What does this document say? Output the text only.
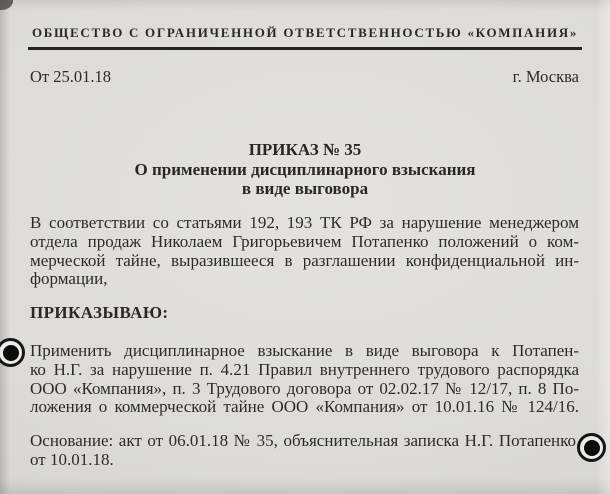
ОБЩЕСТВО С ОГРАНИЧЕННОЙ ОТВЕТСТВЕННОСТЬЮ «КОМПАНИЯ»
От 25.01.18	г. Москва
ПРИКАЗ № 35
О применении дисциплинарного взыскания
в виде выговора
В соответствии со статьями 192, 193 ТК РФ за нарушение менеджером
отдела продаж Николаем Григорьевичем Потапенко положений о ком-
мерческой тайне, выразившееся в разглашении конфиденциальной ин-
формации,
ПРИКАЗЫВАЮ:
Применить дисциплинарное взыскание в виде выговора к Потапен-
ко Н.Г. за нарушение п. 4.21 Правил внутреннего трудового распорядка
ООО «Компания», п. 3 Трудового договора от 02.02.17 № 12/17, п. 8 По-
ложения о коммерческой тайне ООО «Компания» от 10.01.16 № 124/16.
Основание: акт от 06.01.18 № 35, объяснительная записка Н.Г. Потапенко
от 10.01.18.
